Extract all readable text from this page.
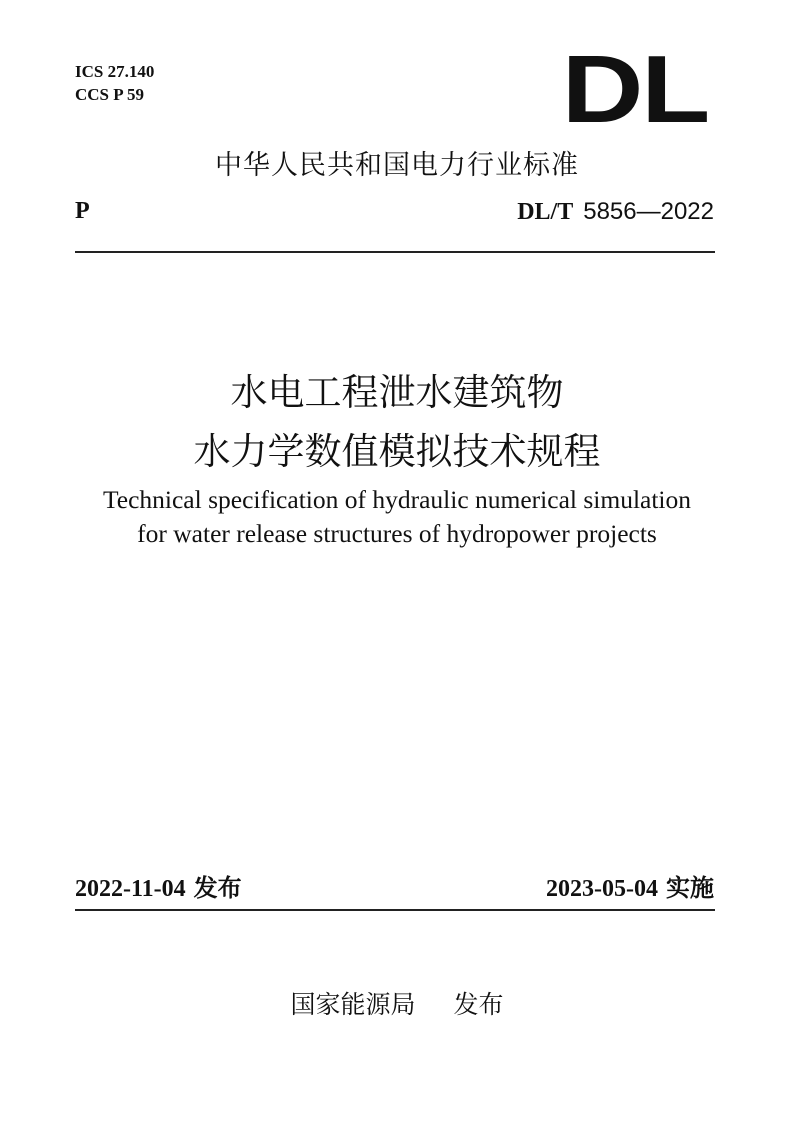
ICS 27.140
CCS P 59	DL
中华人民共和国电力行业标准
P	DL/T 5856—2022
水电工程泄水建筑物
水力学数值模拟技术规程
Technical specification of hydraulic numerical simulation
for water release structures of hydropower projects
2022-11-04 发布	2023-05-04 实施
国家能源局 发布
